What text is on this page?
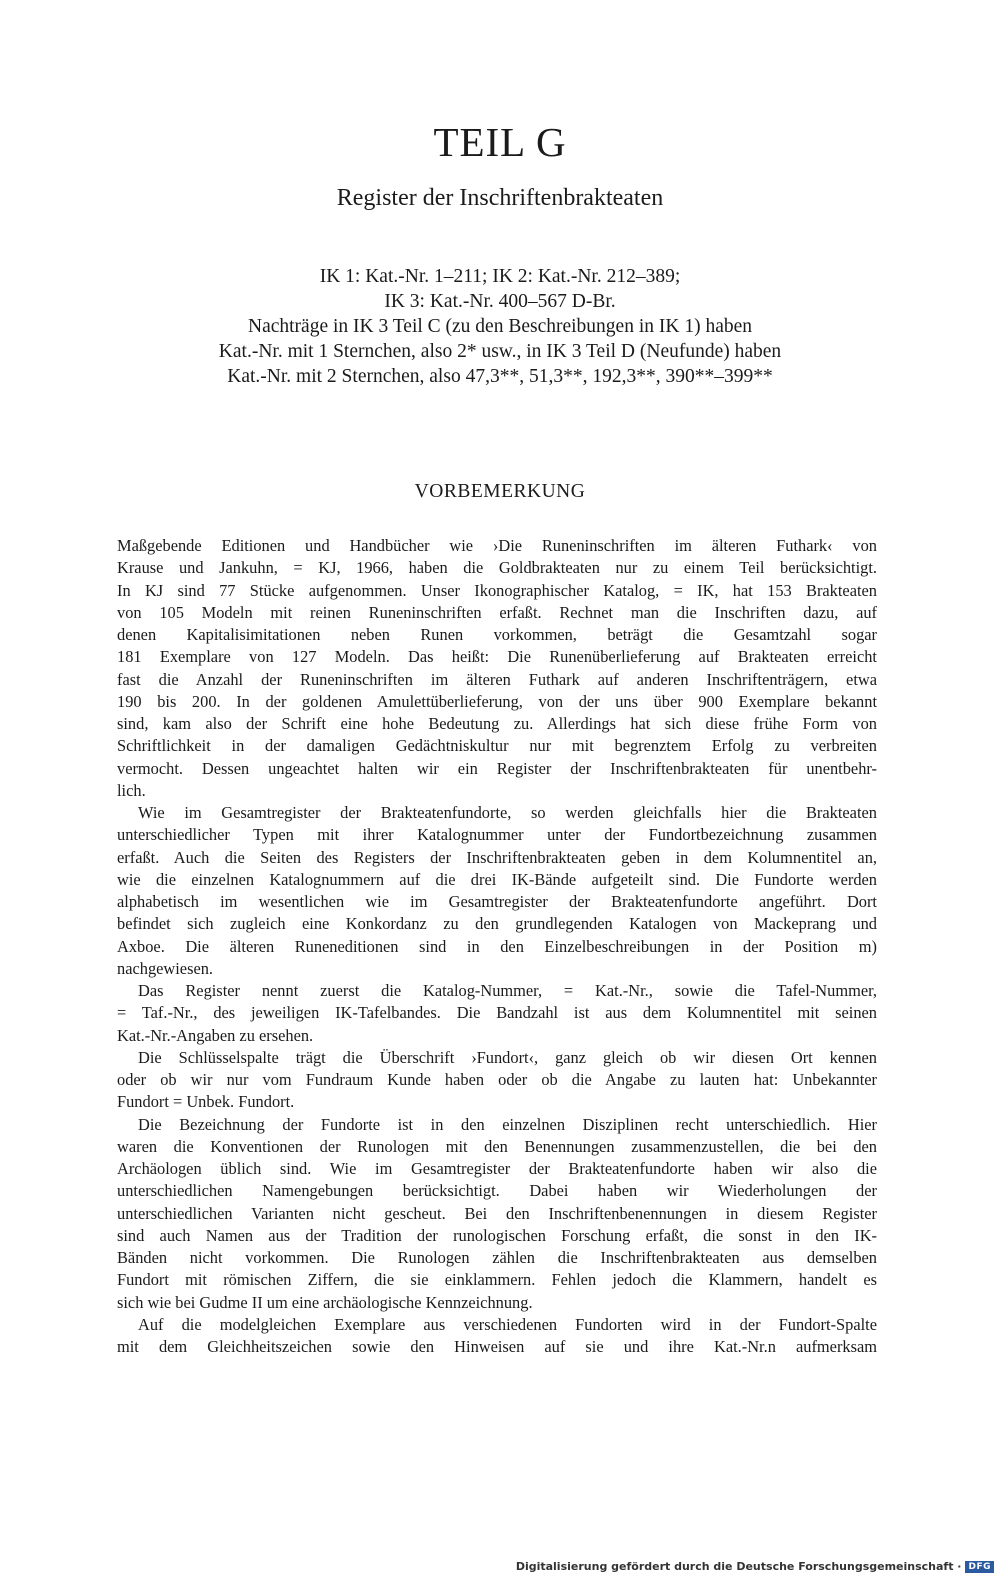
TEIL G
Register der Inschriftenbrakteaten
IK 1: Kat.-Nr. 1–211; IK 2: Kat.-Nr. 212–389;
IK 3: Kat.-Nr. 400–567 D-Br.
Nachträge in IK 3 Teil C (zu den Beschreibungen in IK 1) haben
Kat.-Nr. mit 1 Sternchen, also 2* usw., in IK 3 Teil D (Neufunde) haben
Kat.-Nr. mit 2 Sternchen, also 47,3**, 51,3**, 192,3**, 390**–399**
VORBEMERKUNG
Maßgebende Editionen und Handbücher wie ›Die Runeninschriften im älteren Futhark‹ von
Krause und Jankuhn, = KJ, 1966, haben die Goldbrakteaten nur zu einem Teil berücksichtigt.
In KJ sind 77 Stücke aufgenommen. Unser Ikonographischer Katalog, = IK, hat 153 Brakteaten
von 105 Modeln mit reinen Runeninschriften erfaßt. Rechnet man die Inschriften dazu, auf
denen Kapitalisimitationen neben Runen vorkommen, beträgt die Gesamtzahl sogar
181 Exemplare von 127 Modeln. Das heißt: Die Runenüberlieferung auf Brakteaten erreicht
fast die Anzahl der Runeninschriften im älteren Futhark auf anderen Inschriftenträgern, etwa
190 bis 200. In der goldenen Amulettüberlieferung, von der uns über 900 Exemplare bekannt
sind, kam also der Schrift eine hohe Bedeutung zu. Allerdings hat sich diese frühe Form von
Schriftlichkeit in der damaligen Gedächtniskultur nur mit begrenztem Erfolg zu verbreiten
vermocht. Dessen ungeachtet halten wir ein Register der Inschriftenbrakteaten für unentbehr-
lich.
Wie im Gesamtregister der Brakteatenfundorte, so werden gleichfalls hier die Brakteaten
unterschiedlicher Typen mit ihrer Katalognummer unter der Fundortbezeichnung zusammen
erfaßt. Auch die Seiten des Registers der Inschriftenbrakteaten geben in dem Kolumnentitel an,
wie die einzelnen Katalognummern auf die drei IK-Bände aufgeteilt sind. Die Fundorte werden
alphabetisch im wesentlichen wie im Gesamtregister der Brakteatenfundorte angeführt. Dort
befindet sich zugleich eine Konkordanz zu den grundlegenden Katalogen von Mackeprang und
Axboe. Die älteren Runeneditionen sind in den Einzelbeschreibungen in der Position m)
nachgewiesen.
Das Register nennt zuerst die Katalog-Nummer, = Kat.-Nr., sowie die Tafel-Nummer,
= Taf.-Nr., des jeweiligen IK-Tafelbandes. Die Bandzahl ist aus dem Kolumnentitel mit seinen
Kat.-Nr.-Angaben zu ersehen.
Die Schlüsselspalte trägt die Überschrift ›Fundort‹, ganz gleich ob wir diesen Ort kennen
oder ob wir nur vom Fundraum Kunde haben oder ob die Angabe zu lauten hat: Unbekannter
Fundort = Unbek. Fundort.
Die Bezeichnung der Fundorte ist in den einzelnen Disziplinen recht unterschiedlich. Hier
waren die Konventionen der Runologen mit den Benennungen zusammenzustellen, die bei den
Archäologen üblich sind. Wie im Gesamtregister der Brakteatenfundorte haben wir also die
unterschiedlichen Namengebungen berücksichtigt. Dabei haben wir Wiederholungen der
unterschiedlichen Varianten nicht gescheut. Bei den Inschriftenbenennungen in diesem Register
sind auch Namen aus der Tradition der runologischen Forschung erfaßt, die sonst in den IK-
Bänden nicht vorkommen. Die Runologen zählen die Inschriftenbrakteaten aus demselben
Fundort mit römischen Ziffern, die sie einklammern. Fehlen jedoch die Klammern, handelt es
sich wie bei Gudme II um eine archäologische Kennzeichnung.
Auf die modelgleichen Exemplare aus verschiedenen Fundorten wird in der Fundort-Spalte
mit dem Gleichheitszeichen sowie den Hinweisen auf sie und ihre Kat.-Nr.n aufmerksam
Digitalisierung gefördert durch die Deutsche Forschungsgemeinschaft · DFG
